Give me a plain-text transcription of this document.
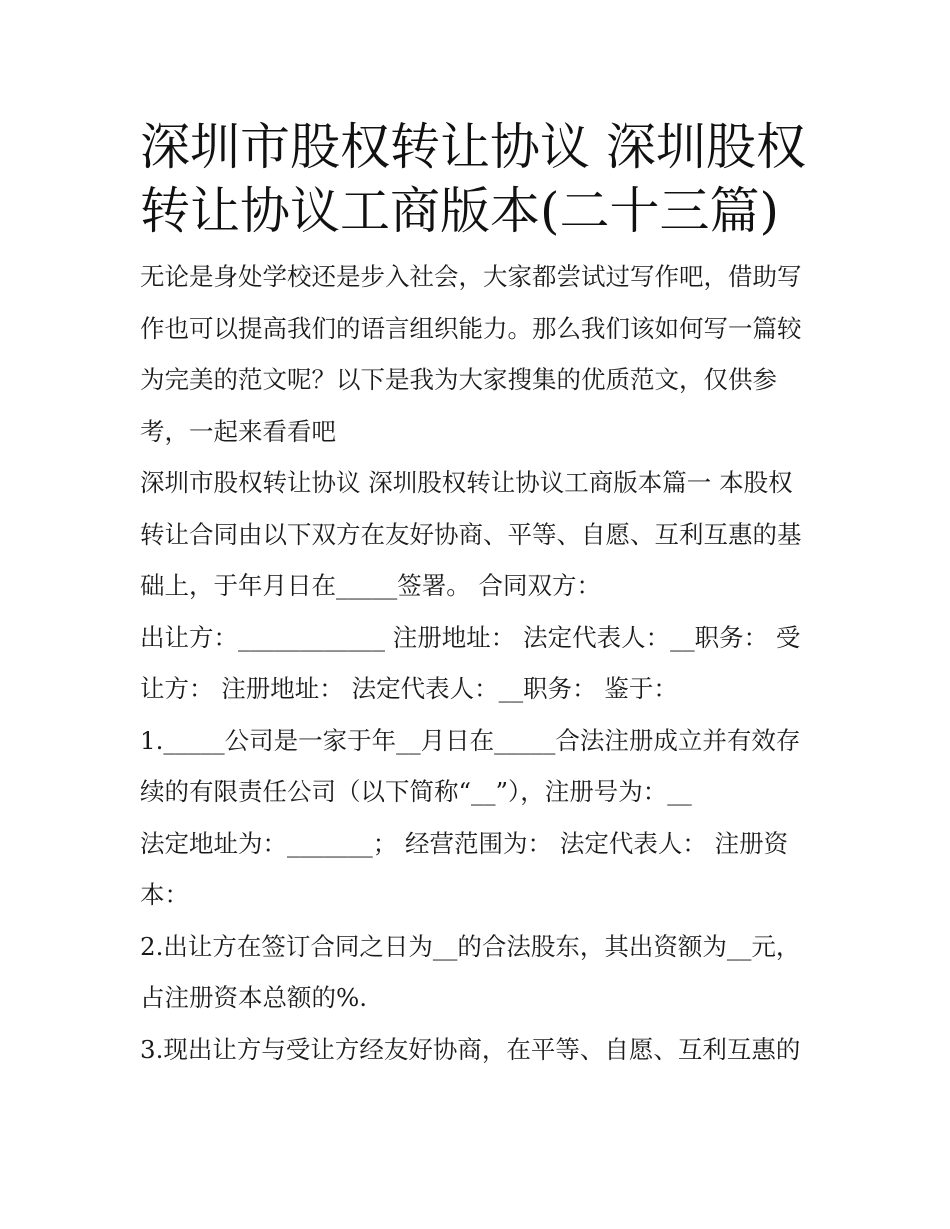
深圳市股权转让协议 深圳股权
转让协议工商版本(二十三篇)
无论是身处学校还是步入社会，大家都尝试过写作吧，借助写
作也可以提高我们的语言组织能力。那么我们该如何写一篇较
为完美的范文呢？以下是我为大家搜集的优质范文，仅供参
考，一起来看看吧
深圳市股权转让协议 深圳股权转让协议工商版本篇一 本股权
转让合同由以下双方在友好协商、平等、自愿、互利互惠的基
础上，于年月日在_____签署。 合同双方：
出让方：____________ 注册地址： 法定代表人：__职务： 受
让方： 注册地址： 法定代表人：__职务： 鉴于：
1._____公司是一家于年__月日在_____合法注册成立并有效存
续的有限责任公司（以下简称“__”），注册号为：__
法定地址为：_______； 经营范围为： 法定代表人： 注册资
本：
2.出让方在签订合同之日为__的合法股东，其出资额为__元，
占注册资本总额的%.
3.现出让方与受让方经友好协商，在平等、自愿、互利互惠的
